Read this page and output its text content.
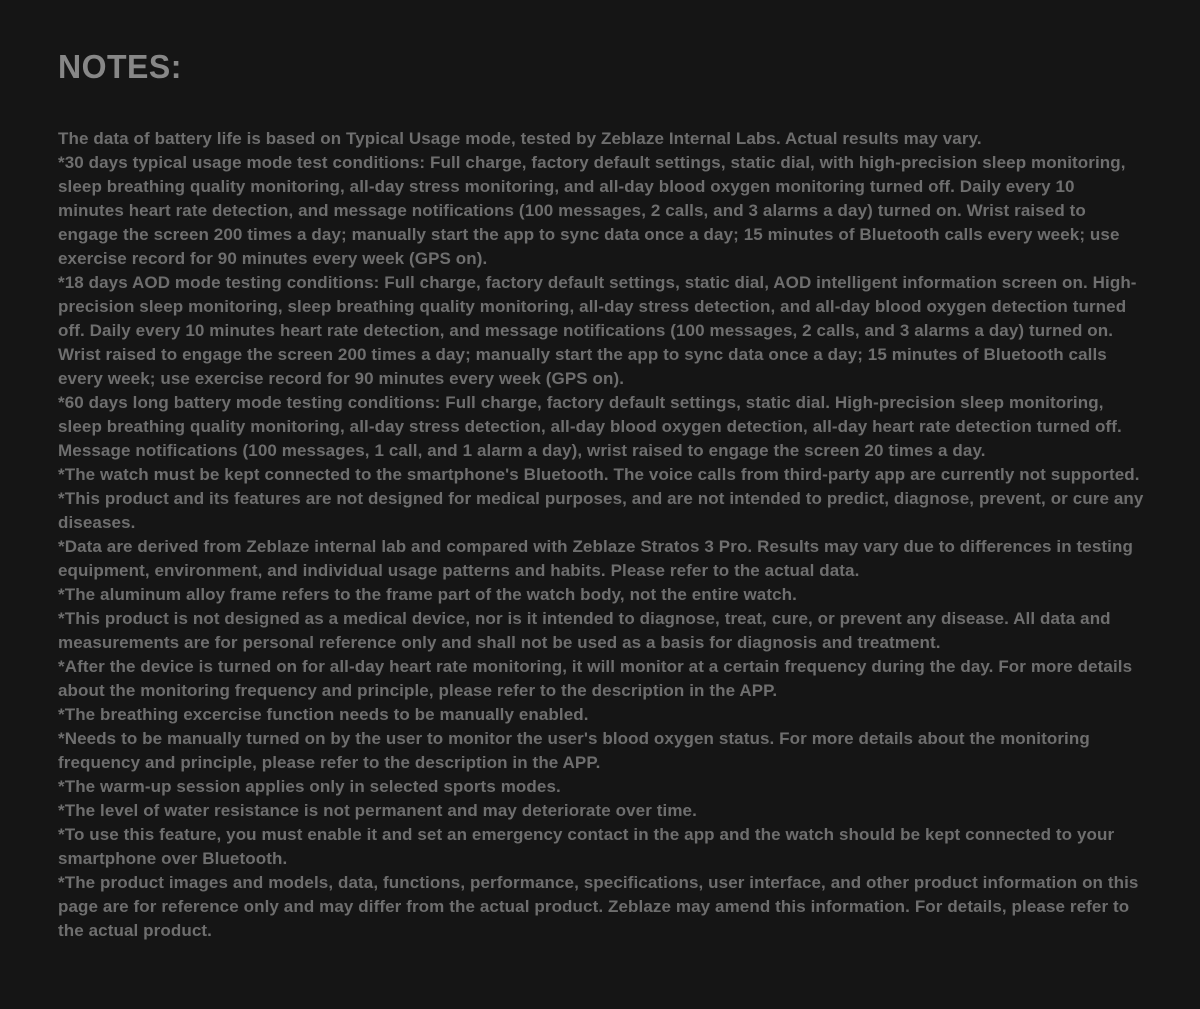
NOTES:

The data of battery life is based on Typical Usage mode, tested by Zeblaze Internal Labs. Actual results may vary.

*30 days typical usage mode test conditions: Full charge, factory default settings, static dial, with high-precision sleep monitoring, sleep breathing quality monitoring, all-day stress monitoring, and all-day blood oxygen monitoring turned off. Daily every 10 minutes heart rate detection, and message notifications (100 messages, 2 calls, and 3 alarms a day) turned on. Wrist raised to engage the screen 200 times a day; manually start the app to sync data once a day; 15 minutes of Bluetooth calls every week; use exercise record for 90 minutes every week (GPS on).

*18 days AOD mode testing conditions: Full charge, factory default settings, static dial, AOD intelligent information screen on. High-precision sleep monitoring, sleep breathing quality monitoring, all-day stress detection, and all-day blood oxygen detection turned off. Daily every 10 minutes heart rate detection, and message notifications (100 messages, 2 calls, and 3 alarms a day) turned on. Wrist raised to engage the screen 200 times a day; manually start the app to sync data once a day; 15 minutes of Bluetooth calls every week; use exercise record for 90 minutes every week (GPS on).

*60 days long battery mode testing conditions: Full charge, factory default settings, static dial. High-precision sleep monitoring, sleep breathing quality monitoring, all-day stress detection, all-day blood oxygen detection, all-day heart rate detection turned off. Message notifications (100 messages, 1 call, and 1 alarm a day), wrist raised to engage the screen 20 times a day.

*The watch must be kept connected to the smartphone's Bluetooth. The voice calls from third-party app are currently not supported.

*This product and its features are not designed for medical purposes, and are not intended to predict, diagnose, prevent, or cure any diseases.

*Data are derived from Zeblaze internal lab and compared with Zeblaze Stratos 3 Pro. Results may vary due to differences in testing equipment, environment, and individual usage patterns and habits. Please refer to the actual data.

*The aluminum alloy frame refers to the frame part of the watch body, not the entire watch.

*This product is not designed as a medical device, nor is it intended to diagnose, treat, cure, or prevent any disease. All data and measurements are for personal reference only and shall not be used as a basis for diagnosis and treatment.

*After the device is turned on for all-day heart rate monitoring, it will monitor at a certain frequency during the day. For more details about the monitoring frequency and principle, please refer to the description in the APP.

*The breathing excercise function needs to be manually enabled.

*Needs to be manually turned on by the user to monitor the user's blood oxygen status. For more details about the monitoring frequency and principle, please refer to the description in the APP.

*The warm-up session applies only in selected sports modes.

*The level of water resistance is not permanent and may deteriorate over time.

*To use this feature, you must enable it and set an emergency contact in the app and the watch should be kept connected to your smartphone over Bluetooth.

*The product images and models, data, functions, performance, specifications, user interface, and other product information on this page are for reference only and may differ from the actual product. Zeblaze may amend this information. For details, please refer to the actual product.
